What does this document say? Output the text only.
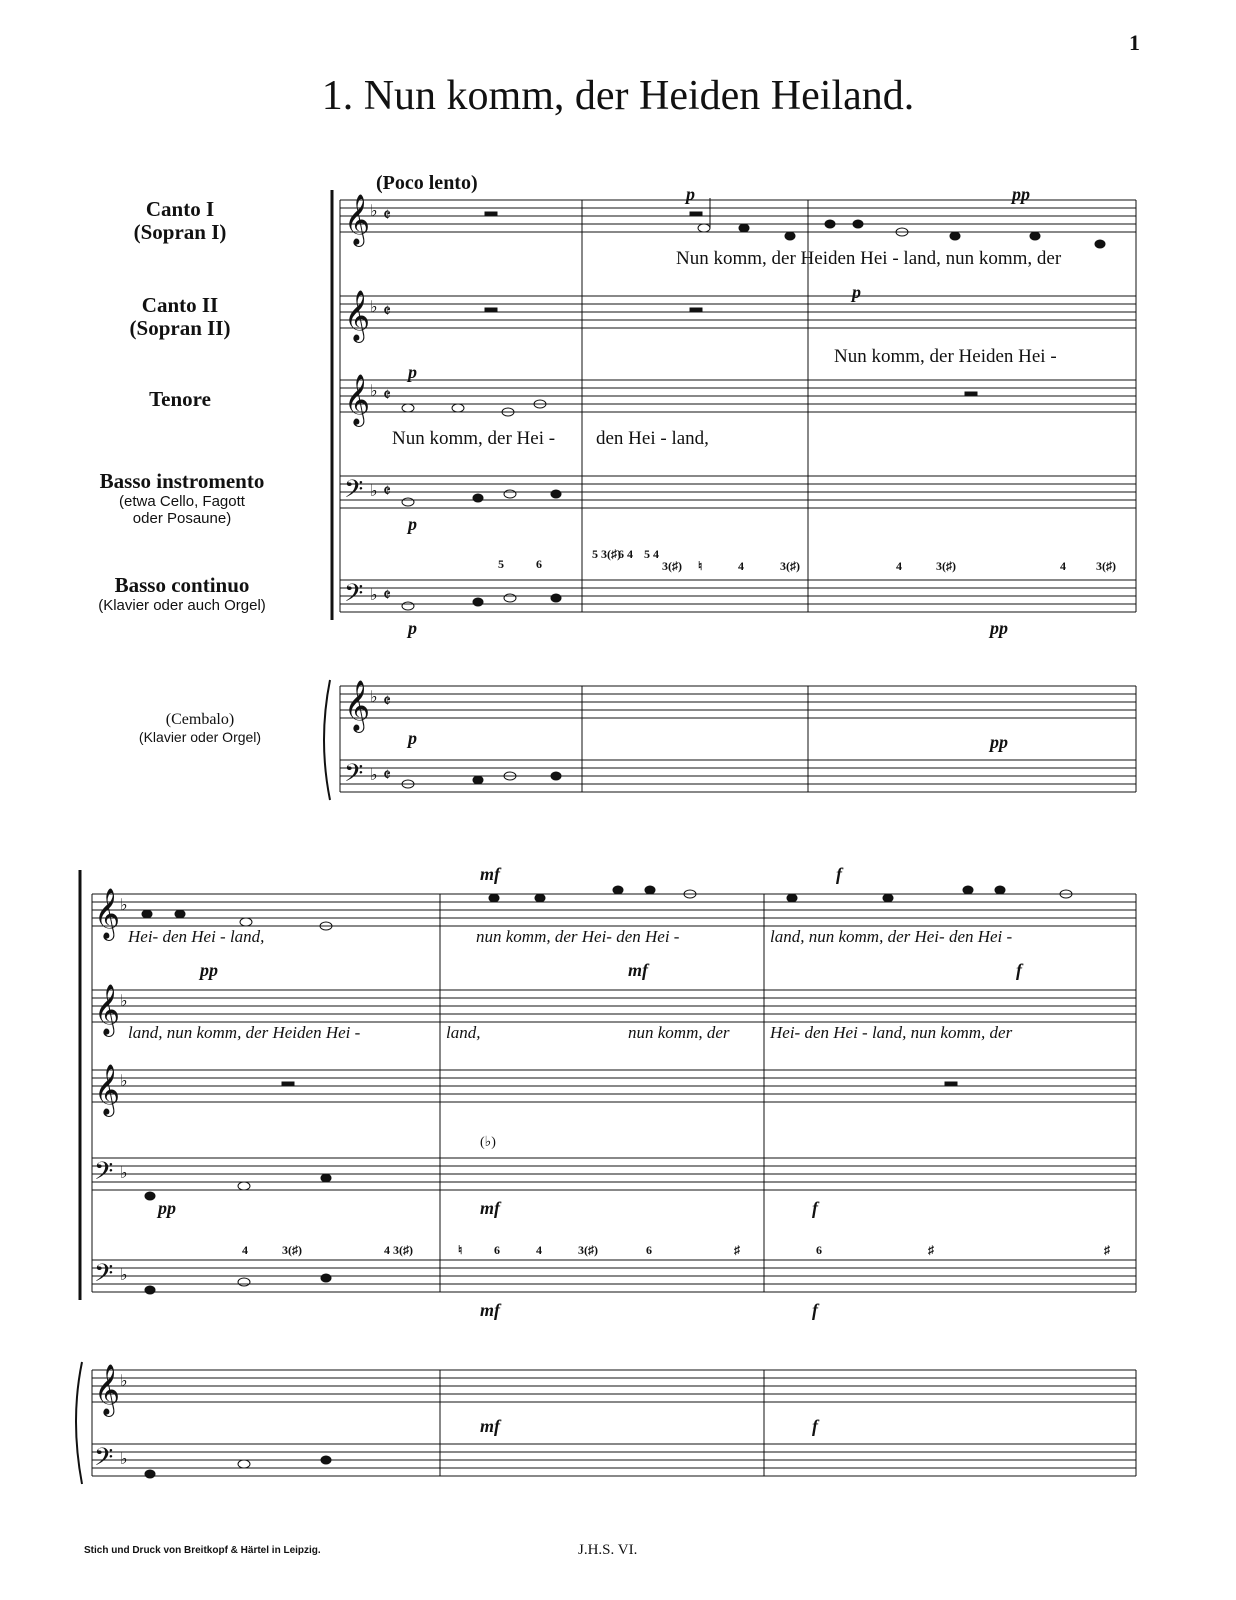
1
1. Nun komm, der Heiden Heiland.
(Poco lento)
Canto I
(Sopran I)
Canto II
(Sopran II)
Tenore
Basso instromento
(etwa Cello, Fagott oder Posaune)
Basso continuo
(Klavier oder auch Orgel)
(Cembalo)
(Klavier oder Orgel)
𝄞
𝄞
𝄞
𝄢
𝄢
𝄞
𝄢
♭
♭
♭
♭
♭
♭
♭
𝄵
𝄵
𝄵
𝄵
𝄵
𝄵
𝄵
𝄞
𝄞
𝄞
𝄢
𝄢
𝄞
𝄢
♭
♭
♭
♭
♭
♭
♭
Nun komm, der Heiden Hei - land, nun komm, der
Nun komm, der Heiden Hei -
Nun komm, der Hei - den Hei - land,
p	pp
p
p
p
p	pp
p	pp
5	6
5 3(♯)
6 4 5 4
3(♯) ♮	4	3(♯)	4	3(♯)	4	3(♯)
Hei- den Hei - land,	nun komm, der Hei- den Hei -	land, nun komm, der Hei- den Hei -
land, nun komm, der Heiden Hei -	land,	nun komm, der Hei- den Hei - land, nun komm, der
mf	f
pp	mf	f
(♭)
pp	mf	f
mf	f
mf	f
4	3(♯)	4 3(♯)	♮	6	4	3(♯)	6	♯	6	♯	♯
Stich und Druck von Breitkopf & Härtel in Leipzig.	J.H.S. VI.
